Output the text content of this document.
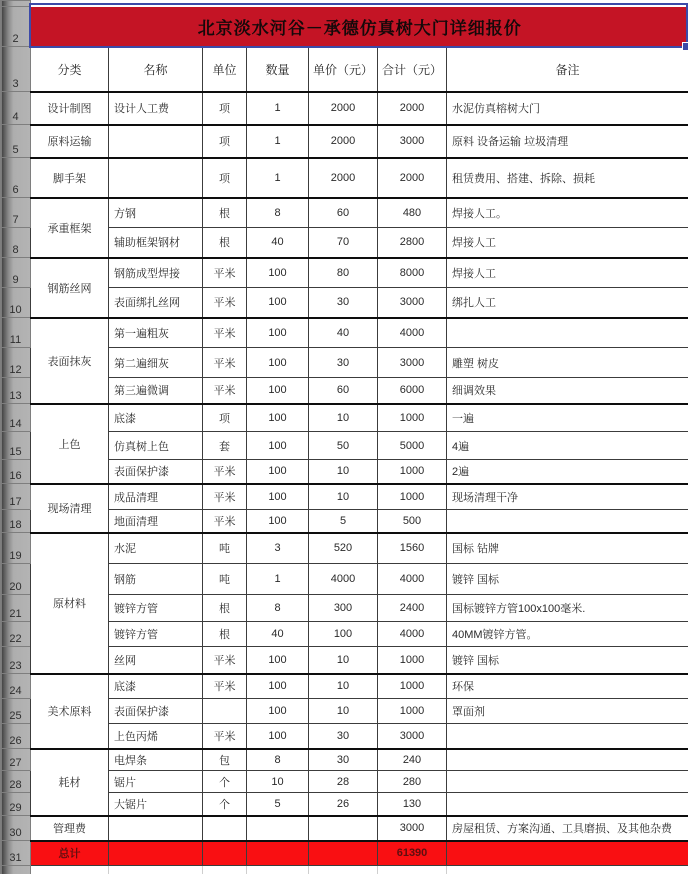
2	北京淡水河谷－承德仿真树大门详细报价						
3	分类	名称	单位	数量	单价（元）	合计（元）	备注
4	设计制图	设计人工费	项	1	2000	2000	水泥仿真榕树大门
5	原料运输		项	1	2000	3000	原料 设备运输 垃圾清理
6	脚手架		项	1	2000	2000	租赁费用、搭建、拆除、损耗
7	承重框架	方钢	根	8	60	480	焊接人工。
8		辅助框架钢材	根	40	70	2800	焊接人工
9	钢筋丝网	钢筋成型焊接	平米	100	80	8000	焊接人工
10		表面绑扎丝网	平米	100	30	3000	绑扎人工
11	表面抹灰	第一遍粗灰	平米	100	40	4000	
12		第二遍细灰	平米	100	30	3000	雕塑 树皮
13		第三遍微调	平米	100	60	6000	细调效果
14	上色	底漆	项	100	10	1000	一遍
15		仿真树上色	套	100	50	5000	4遍
16		表面保护漆	平米	100	10	1000	2遍
17	现场清理	成品清理	平米	100	10	1000	现场清理干净
18		地面清理	平米	100	5	500	
19	原材料	水泥	吨	3	520	1560	国标 钻牌
20		钢筋	吨	1	4000	4000	镀锌 国标
21		镀锌方管	根	8	300	2400	国标镀锌方管100x100毫米.
22		镀锌方管	根	40	100	4000	40MM镀锌方管。
23		丝网	平米	100	10	1000	镀锌 国标
24	美术原料	底漆	平米	100	10	1000	环保
25		表面保护漆		100	10	1000	罩面剂
26		上色丙烯	平米	100	30	3000	
27	耗材	电焊条	包	8	30	240	
28		锯片	个	10	28	280	
29		大锯片	个	5	26	130	
30	管理费					3000	房屋租赁、方案沟通、工具磨损、及其他杂费
31	总计					61390	
